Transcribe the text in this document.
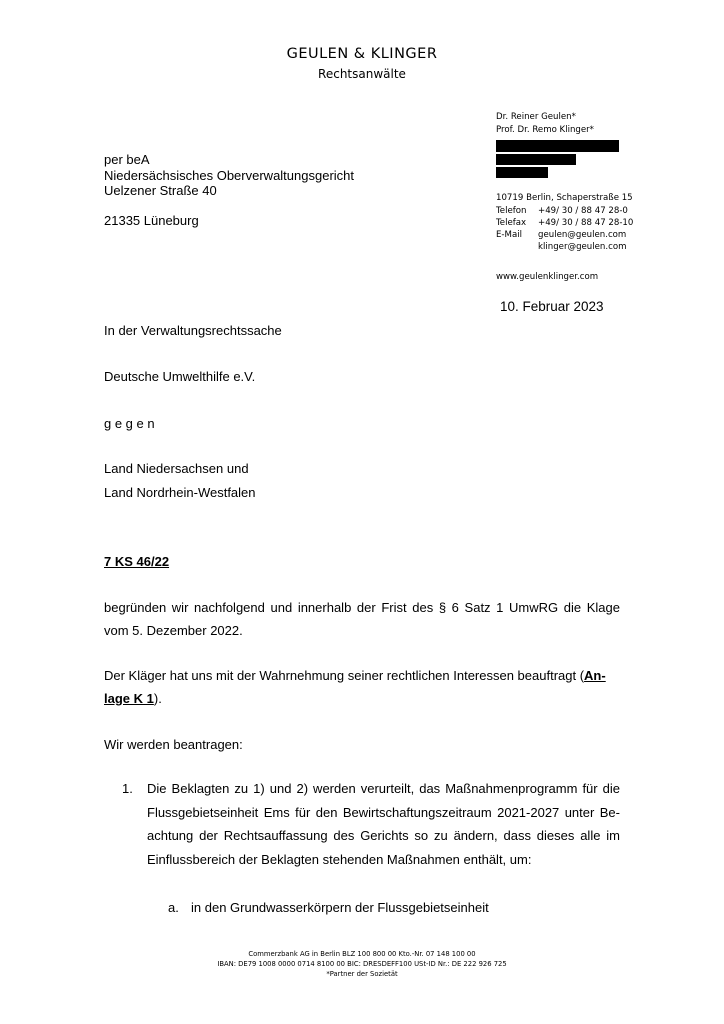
GEULEN & KLINGER
Rechtsanwälte
Dr. Reiner Geulen*
Prof. Dr. Remo Klinger*
10719 Berlin, Schaperstraße 15
Telefon	+49/ 30 / 88 47 28-0
Telefax	+49/ 30 / 88 47 28-10
E-Mail	geulen@geulen.com
	klinger@geulen.com
www.geulenklinger.com
per beA
Niedersächsisches Oberverwaltungsgericht
Uelzener Straße 40
21335 Lüneburg
10. Februar 2023
In der Verwaltungsrechtssache
Deutsche Umwelthilfe e.V.
g e g e n
Land Niedersachsen und
Land Nordrhein-Westfalen
7 KS 46/22
begründen wir nachfolgend und innerhalb der Frist des § 6 Satz 1 UmwRG die Klage
vom 5. Dezember 2022.
Der Kläger hat uns mit der Wahrnehmung seiner rechtlichen Interessen beauftragt (An-
lage K 1).
Wir werden beantragen:
1. Die Beklagten zu 1) und 2) werden verurteilt, das Maßnahmenprogramm für die
Flussgebietseinheit Ems für den Bewirtschaftungszeitraum 2021-2027 unter Be-
achtung der Rechtsauffassung des Gerichts so zu ändern, dass dieses alle im
Einflussbereich der Beklagten stehenden Maßnahmen enthält, um:
a. in den Grundwasserkörpern der Flussgebietseinheit
Commerzbank AG in Berlin BLZ 100 800 00 Kto.-Nr. 07 148 100 00
IBAN: DE79 1008 0000 0714 8100 00 BIC: DRESDEFF100 USt-ID Nr.: DE 222 926 725
*Partner der Sozietät
